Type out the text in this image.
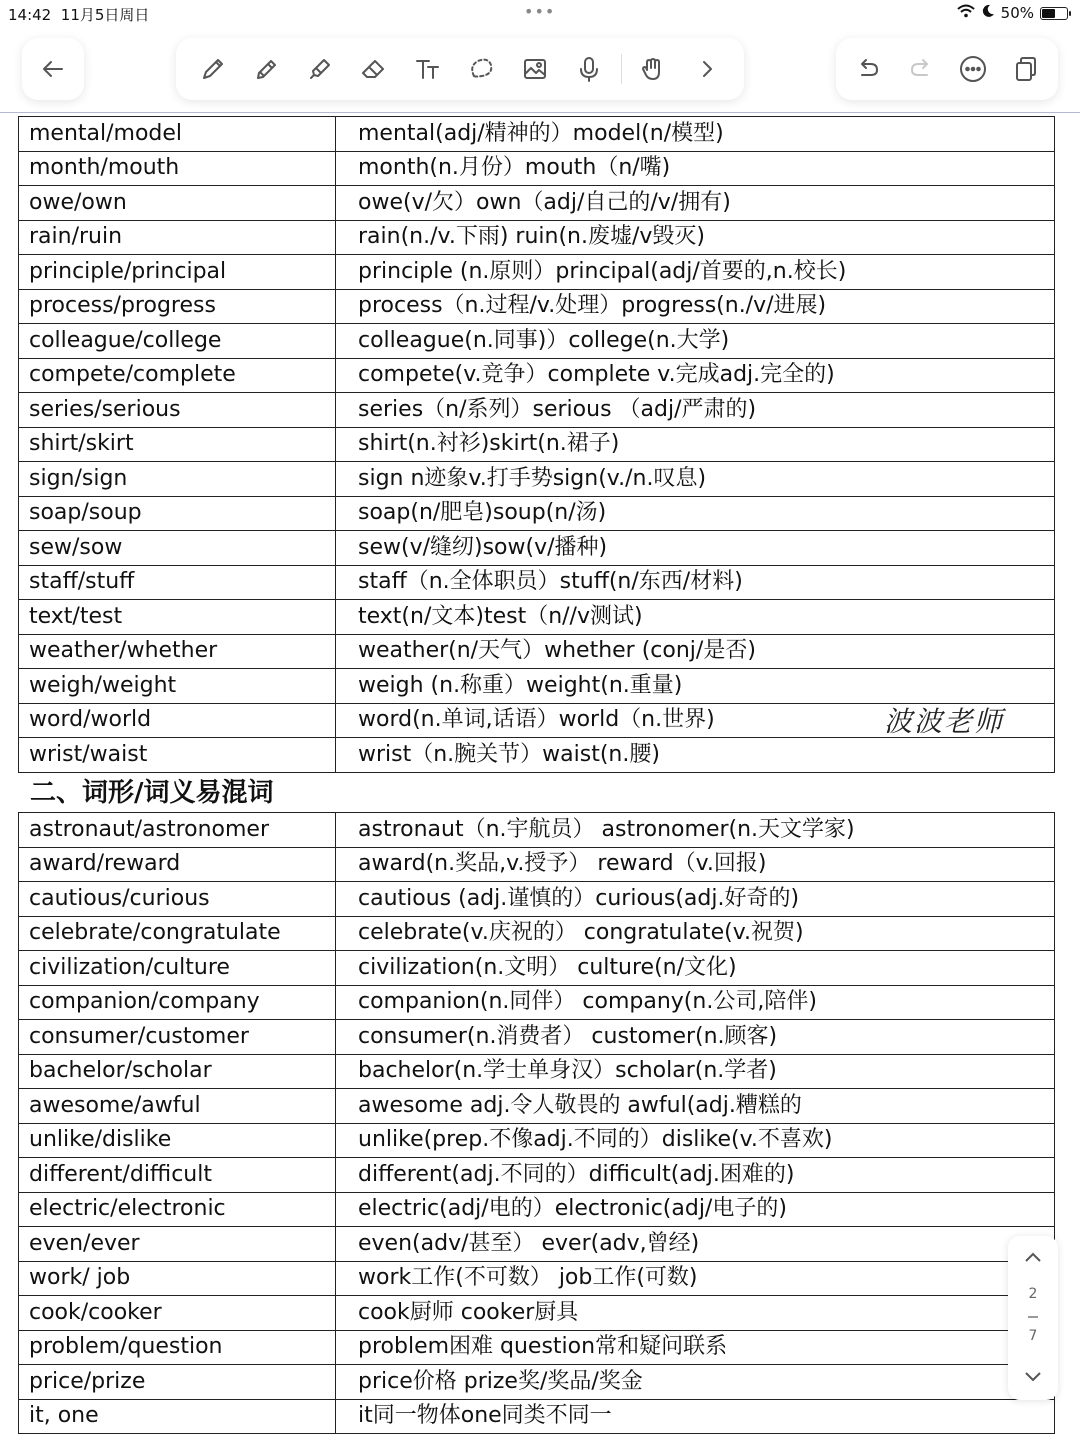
14:42 11月5日周日	•••	50%
mental/model	mental(adj/精神的）model(n/模型)
month/mouth	month(n.月份）mouth（n/嘴)
owe/own	owe(v/欠）own（adj/自己的/v/拥有)
rain/ruin	rain(n./v.下雨) ruin(n.废墟/v毁灭)
principle/principal	principle (n.原则）principal(adj/首要的,n.校长)
process/progress	process（n.过程/v.处理）progress(n./v/进展)
colleague/college	colleague(n.同事)）college(n.大学)
compete/complete	compete(v.竞争）complete v.完成adj.完全的)
series/serious	series（n/系列）serious （adj/严肃的)
shirt/skirt	shirt(n.衬衫)skirt(n.裙子)
sign/sign	sign n迹象v.打手势sign(v./n.叹息)
soap/soup	soap(n/肥皂)soup(n/汤)
sew/sow	sew(v/缝纫)sow(v/播种)
staff/stuff	staff（n.全体职员）stuff(n/东西/材料)
text/test	text(n/文本)test（n//v测试)
weather/whether	weather(n/天气）whether (conj/是否)
weigh/weight	weigh (n.称重）weight(n.重量)
word/world	word(n.单词,话语）world（n.世界)
wrist/waist	wrist（n.腕关节）waist(n.腰)
波波老师
二、词形/词义易混词
astronaut/astronomer	astronaut（n.宇航员） astronomer(n.天文学家)
award/reward	award(n.奖品,v.授予） reward（v.回报)
cautious/curious	cautious (adj.谨慎的）curious(adj.好奇的)
celebrate/congratulate	celebrate(v.庆祝的） congratulate(v.祝贺)
civilization/culture	civilization(n.文明） culture(n/文化)
companion/company	companion(n.同伴） company(n.公司,陪伴)
consumer/customer	consumer(n.消费者） customer(n.顾客)
bachelor/scholar	bachelor(n.学士单身汉）scholar(n.学者)
awesome/awful	awesome adj.令人敬畏的 awful(adj.糟糕的
unlike/dislike	unlike(prep.不像adj.不同的）dislike(v.不喜欢)
different/difficult	different(adj.不同的）difficult(adj.困难的)
electric/electronic	electric(adj/电的）electronic(adj/电子的)
even/ever	even(adv/甚至） ever(adv,曾经)
work/ job	work工作(不可数） job工作(可数)
cook/cooker	cook厨师 cooker厨具
problem/question	problem困难 question常和疑问联系
price/prize	price价格 prize奖/奖品/奖金
it, one	it同一物体one同类不同一
2
7
